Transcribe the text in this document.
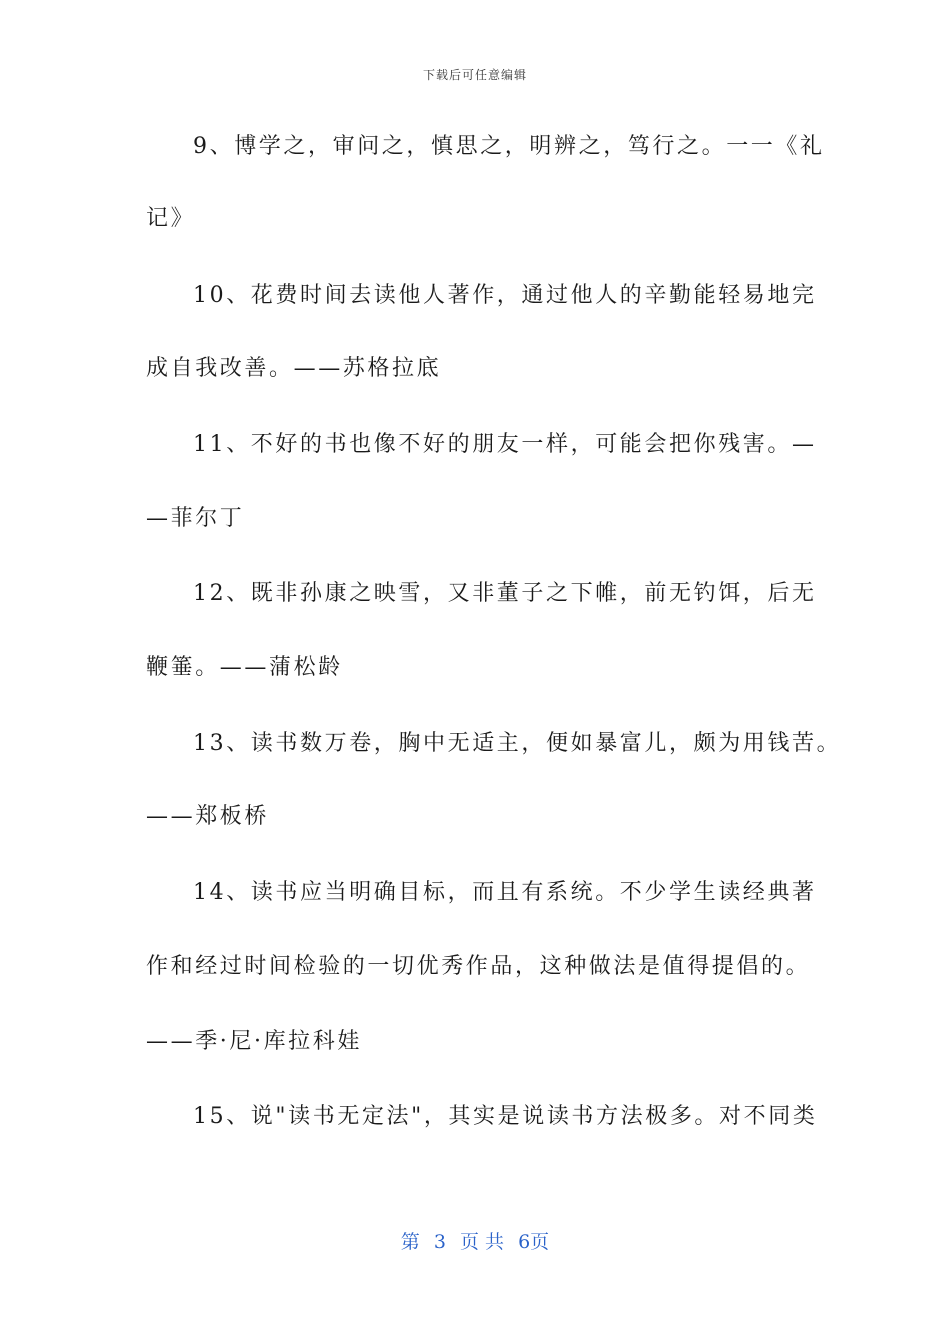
下载后可任意编辑
9、博学之，审问之，慎思之，明辨之，笃行之。一一《礼
记》
10、花费时间去读他人著作，通过他人的辛勤能轻易地完
成自我改善。——苏格拉底
11、不好的书也像不好的朋友一样，可能会把你残害。—
—菲尔丁
12、既非孙康之映雪，又非董子之下帷，前无钓饵，后无
鞭箠。——蒲松龄
13、读书数万卷，胸中无适主，便如暴富儿，颇为用钱苦。
——郑板桥
14、读书应当明确目标，而且有系统。不少学生读经典著
作和经过时间检验的一切优秀作品，这种做法是值得提倡的。
——季·尼·库拉科娃
15、说"读书无定法"，其实是说读书方法极多。对不同类
第 3 页 共 6页
